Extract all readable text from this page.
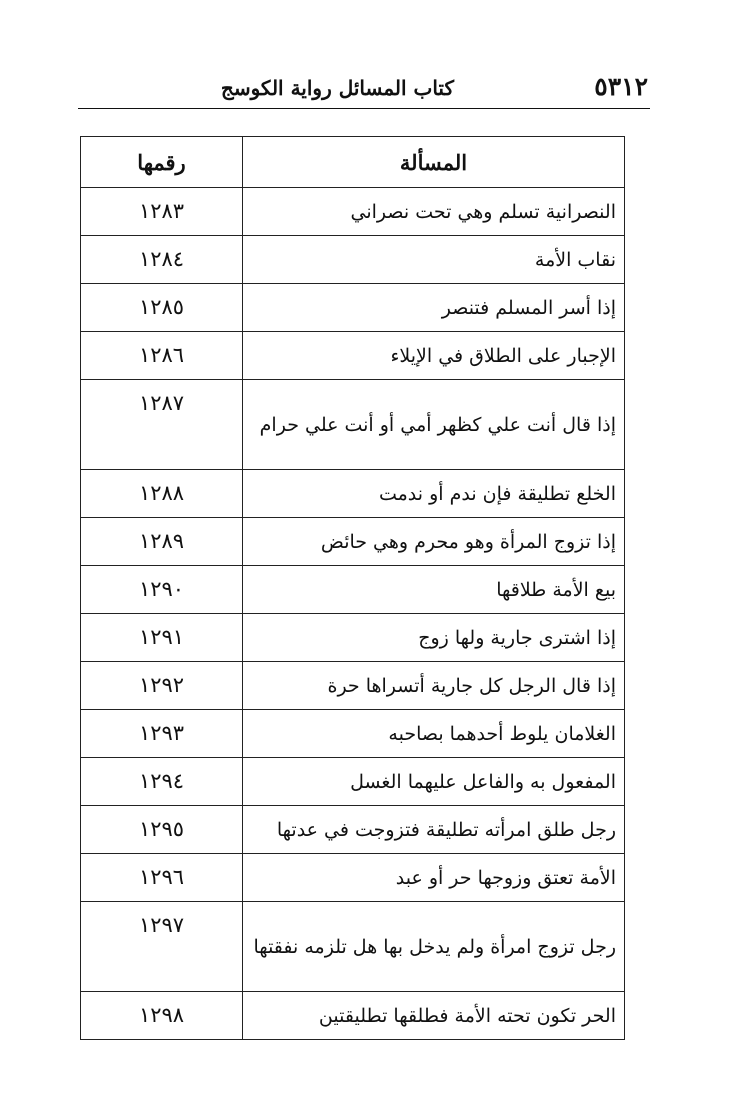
٥٣١٢
كتاب المسائل رواية الكوسج
المسألة	رقمها
النصرانية تسلم وهي تحت نصراني	١٢٨٣
نقاب الأمة	١٢٨٤
إذا أسر المسلم فتنصر	١٢٨٥
الإجبار على الطلاق في الإيلاء	١٢٨٦
إذا قال أنت علي كظهر أمي أو أنت علي حرام	١٢٨٧
الخلع تطليقة فإن ندم أو ندمت	١٢٨٨
إذا تزوج المرأة وهو محرم وهي حائض	١٢٨٩
بيع الأمة طلاقها	١٢٩٠
إذا اشترى جارية ولها زوج	١٢٩١
إذا قال الرجل كل جارية أتسراها حرة	١٢٩٢
الغلامان يلوط أحدهما بصاحبه	١٢٩٣
المفعول به والفاعل عليهما الغسل	١٢٩٤
رجل طلق امرأته تطليقة فتزوجت في عدتها	١٢٩٥
الأمة تعتق وزوجها حر أو عبد	١٢٩٦
رجل تزوج امرأة ولم يدخل بها هل تلزمه نفقتها	١٢٩٧
الحر تكون تحته الأمة فطلقها تطليقتين	١٢٩٨
